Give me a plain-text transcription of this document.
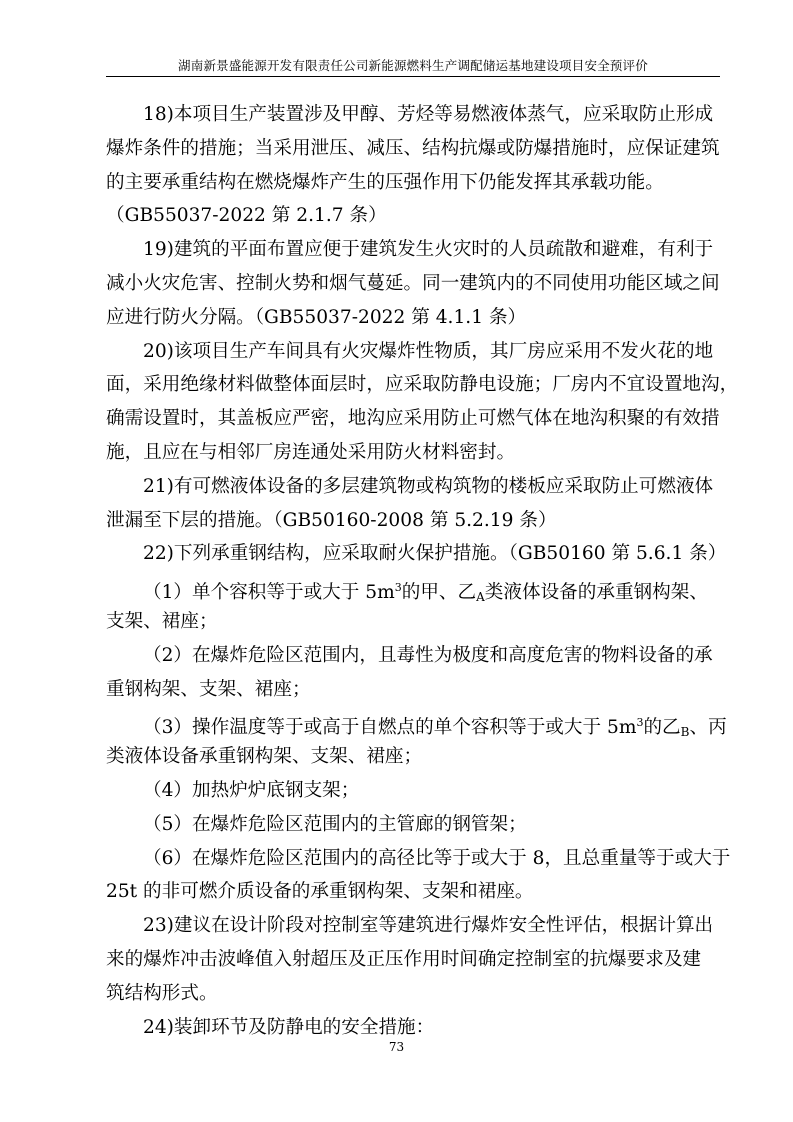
湖南新景盛能源开发有限责任公司新能源燃料生产调配储运基地建设项目安全预评价
18)本项目生产装置涉及甲醇、芳烃等易燃液体蒸气，应采取防止形成
爆炸条件的措施；当采用泄压、减压、结构抗爆或防爆措施时，应保证建筑
的主要承重结构在燃烧爆炸产生的压强作用下仍能发挥其承载功能。
（GB55037-2022 第 2.1.7 条）
19)建筑的平面布置应便于建筑发生火灾时的人员疏散和避难，有利于
减小火灾危害、控制火势和烟气蔓延。同一建筑内的不同使用功能区域之间
应进行防火分隔。（GB55037-2022 第 4.1.1 条）
20)该项目生产车间具有火灾爆炸性物质，其厂房应采用不发火花的地
面，采用绝缘材料做整体面层时，应采取防静电设施；厂房内不宜设置地沟，
确需设置时，其盖板应严密，地沟应采用防止可燃气体在地沟积聚的有效措
施，且应在与相邻厂房连通处采用防火材料密封。
21)有可燃液体设备的多层建筑物或构筑物的楼板应采取防止可燃液体
泄漏至下层的措施。（GB50160-2008 第 5.2.19 条）
22)下列承重钢结构，应采取耐火保护措施。（GB50160 第 5.6.1 条）
（1）单个容积等于或大于 $5m^3$的甲、乙$_A$类液体设备的承重钢构架、
支架、裙座；
（2）在爆炸危险区范围内，且毒性为极度和高度危害的物料设备的承
重钢构架、支架、裙座；
（3）操作温度等于或高于自燃点的单个容积等于或大于 $5m^3$的乙$_B$、丙
类液体设备承重钢构架、支架、裙座；
（4）加热炉炉底钢支架；
（5）在爆炸危险区范围内的主管廊的钢管架；
（6）在爆炸危险区范围内的高径比等于或大于 8，且总重量等于或大于
25t 的非可燃介质设备的承重钢构架、支架和裙座。
23)建议在设计阶段对控制室等建筑进行爆炸安全性评估，根据计算出
来的爆炸冲击波峰值入射超压及正压作用时间确定控制室的抗爆要求及建
筑结构形式。
24)装卸环节及防静电的安全措施：
73
